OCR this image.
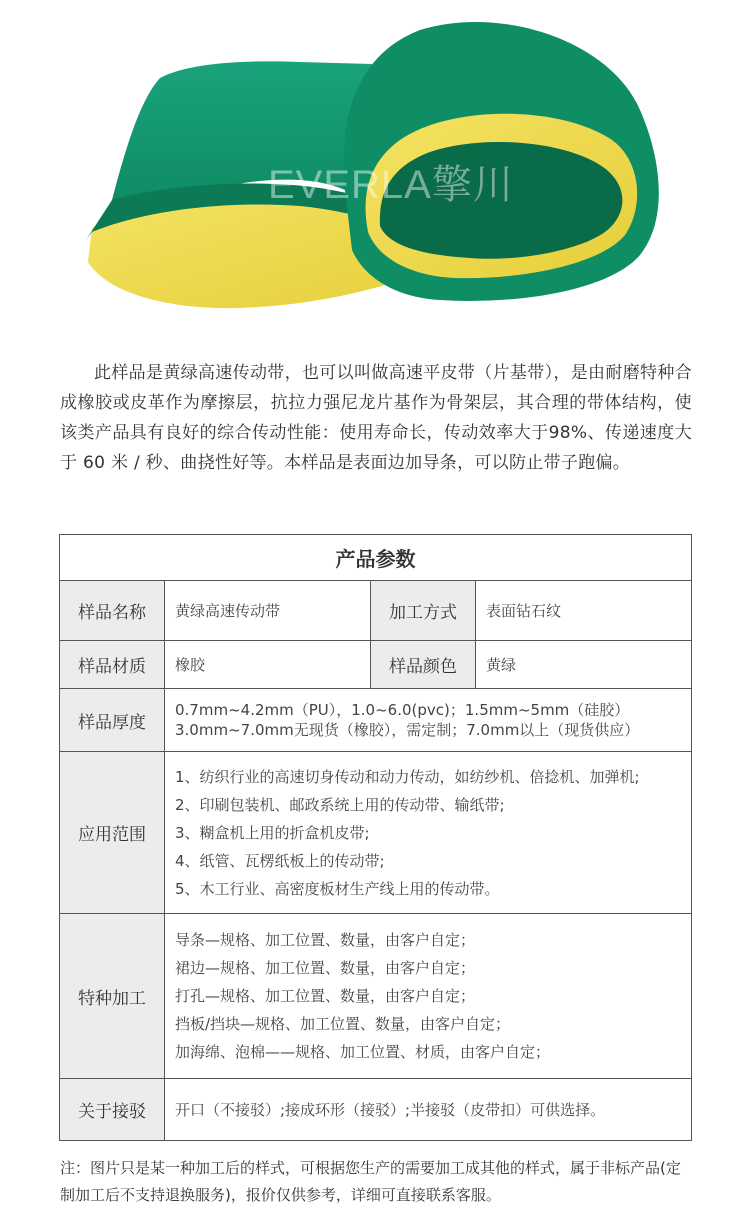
EVERLA擎川

此样品是黄绿高速传动带，也可以叫做高速平皮带（片基带），是由耐磨特种合成橡胶或皮革作为摩擦层，抗拉力强尼龙片基作为骨架层，其合理的带体结构，使该类产品具有良好的综合传动性能：使用寿命长，传动效率大于98%、传递速度大于 60 米 / 秒、曲挠性好等。本样品是表面边加导条，可以防止带子跑偏。

产品参数			
样品名称	黄绿高速传动带	加工方式	表面钻石纹
样品材质	橡胶	样品颜色	黄绿
样品厚度	0.7mm~4.2mm（PU），1.0~6.0(pvc)；1.5mm~5mm（硅胶）
3.0mm~7.0mm无现货（橡胶），需定制；7.0mm以上（现货供应）		

应用范围	1、纺织行业的高速切身传动和动力传动，如纺纱机、倍捻机、加弹机;
2、印刷包装机、邮政系统上用的传动带、输纸带;
3、糊盒机上用的折盒机皮带;
4、纸管、瓦楞纸板上的传动带;
5、木工行业、高密度板材生产线上用的传动带。		

特种加工	导条—规格、加工位置、数量，由客户自定；
裙边—规格、加工位置、数量，由客户自定；
打孔—规格、加工位置、数量，由客户自定；
挡板/挡块—规格、加工位置、数量，由客户自定；
加海绵、泡棉——规格、加工位置、材质，由客户自定；		

关于接驳	开口（不接驳）;接成环形（接驳）;半接驳（皮带扣）可供选择。		

注：图片只是某一种加工后的样式，可根据您生产的需要加工成其他的样式，属于非标产品(定制加工后不支持退换服务)，报价仅供参考，详细可直接联系客服。
